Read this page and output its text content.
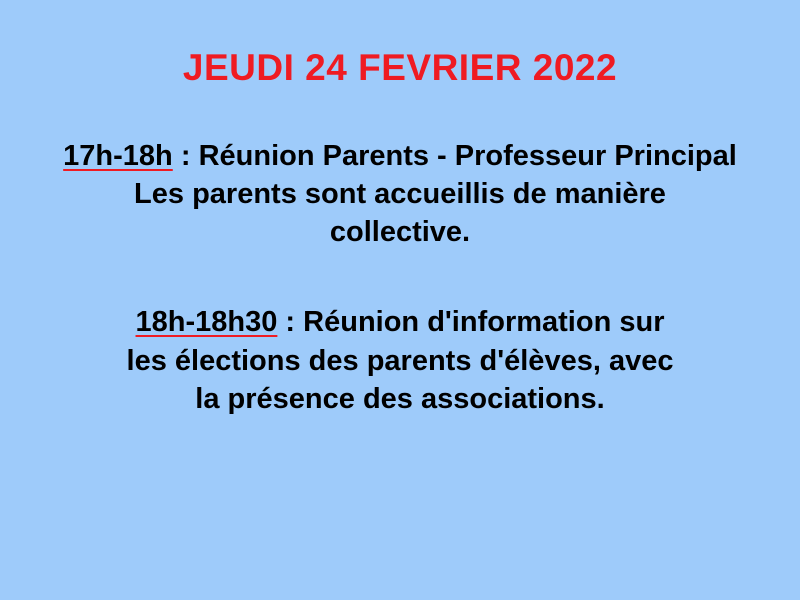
JEUDI 24 FEVRIER 2022
17h-18h : Réunion Parents - Professeur Principal
Les parents sont accueillis de manière
collective.
18h-18h30 : Réunion d'information sur
les élections des parents d'élèves, avec
la présence des associations.
